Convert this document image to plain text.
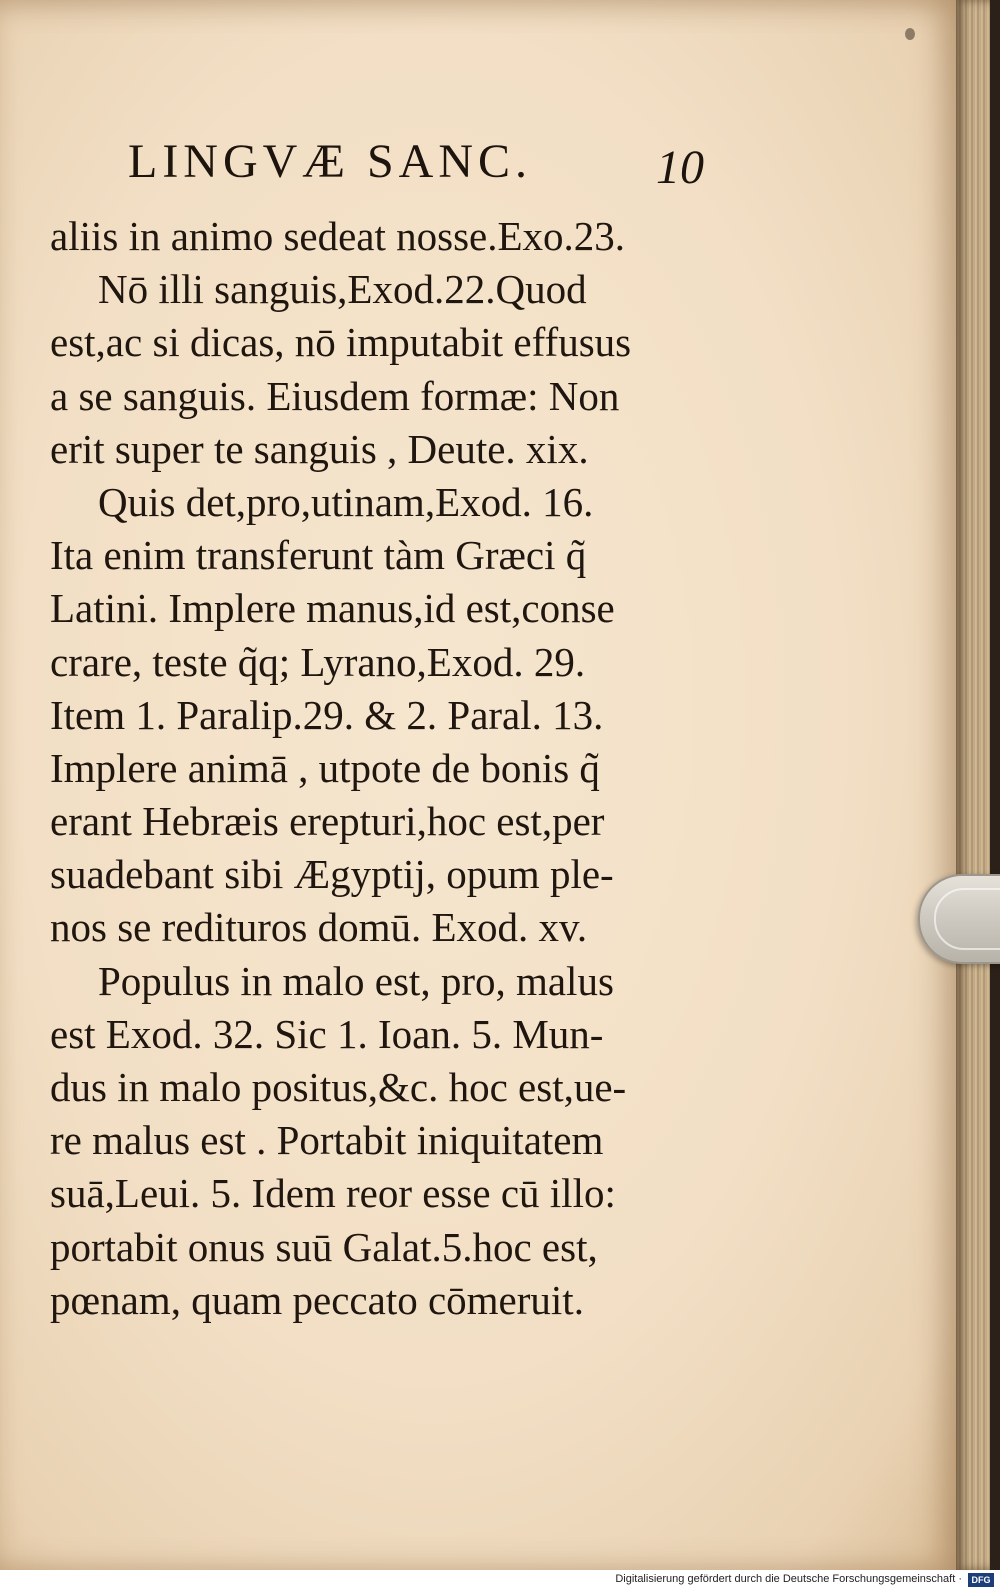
LINGVÆ SANC.	10
aliis in animo sedeat nosse.Exo.23.
Nō illi sanguis,Exod.22.Quod
est,ac si dicas, nō imputabit effusus
a se sanguis. Eiusdem formæ: Non
erit super te sanguis , Deute. xix.
Quis det,pro,utinam,Exod. 16.
Ita enim transferunt tàm Græci q̃
Latini. Implere manus,id est,conse
crare, teste q̃q; Lyrano,Exod. 29.
Item 1. Paralip.29. & 2. Paral. 13.
Implere animā , utpote de bonis q̃
erant Hebræis erepturi,hoc est,per
suadebant sibi Ægyptij, opum ple-
nos se redituros domū. Exod. xv.
Populus in malo est, pro, malus
est Exod. 32. Sic 1. Ioan. 5. Mun-
dus in malo positus,&c. hoc est,ue-
re malus est . Portabit iniquitatem
suā,Leui. 5. Idem reor esse cū illo:
portabit onus suū Galat.5.hoc est,
pœnam, quam peccato cōmeruit.
Digitalisierung gefördert durch die Deutsche Forschungsgemeinschaft ·	DFG
